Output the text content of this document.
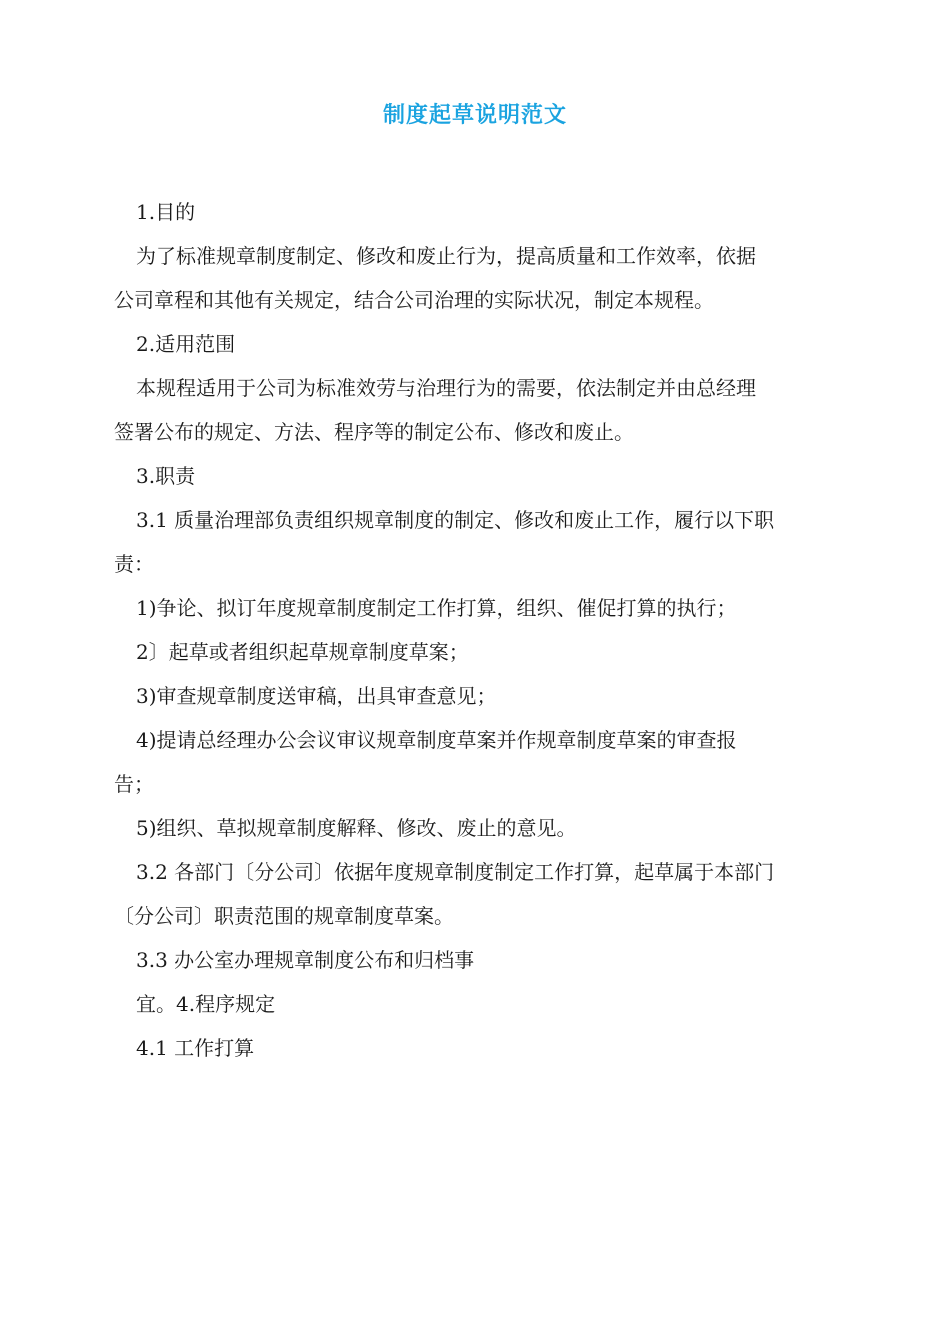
制度起草说明范文

1.目的

为了标准规章制度制定、修改和废止行为，提高质量和工作效率，依据

公司章程和其他有关规定，结合公司治理的实际状况，制定本规程。

2.适用范围

本规程适用于公司为标准效劳与治理行为的需要，依法制定并由总经理

签署公布的规定、方法、程序等的制定公布、修改和废止。

3.职责

3.1 质量治理部负责组织规章制度的制定、修改和废止工作，履行以下职

责：

1)争论、拟订年度规章制度制定工作打算，组织、催促打算的执行；

2〕起草或者组织起草规章制度草案；

3)审查规章制度送审稿，出具审查意见；

4)提请总经理办公会议审议规章制度草案并作规章制度草案的审查报

告；

5)组织、草拟规章制度解释、修改、废止的意见。

3.2 各部门〔分公司〕依据年度规章制度制定工作打算，起草属于本部门

〔分公司〕职责范围的规章制度草案。

3.3 办公室办理规章制度公布和归档事

宜。4.程序规定

4.1 工作打算
